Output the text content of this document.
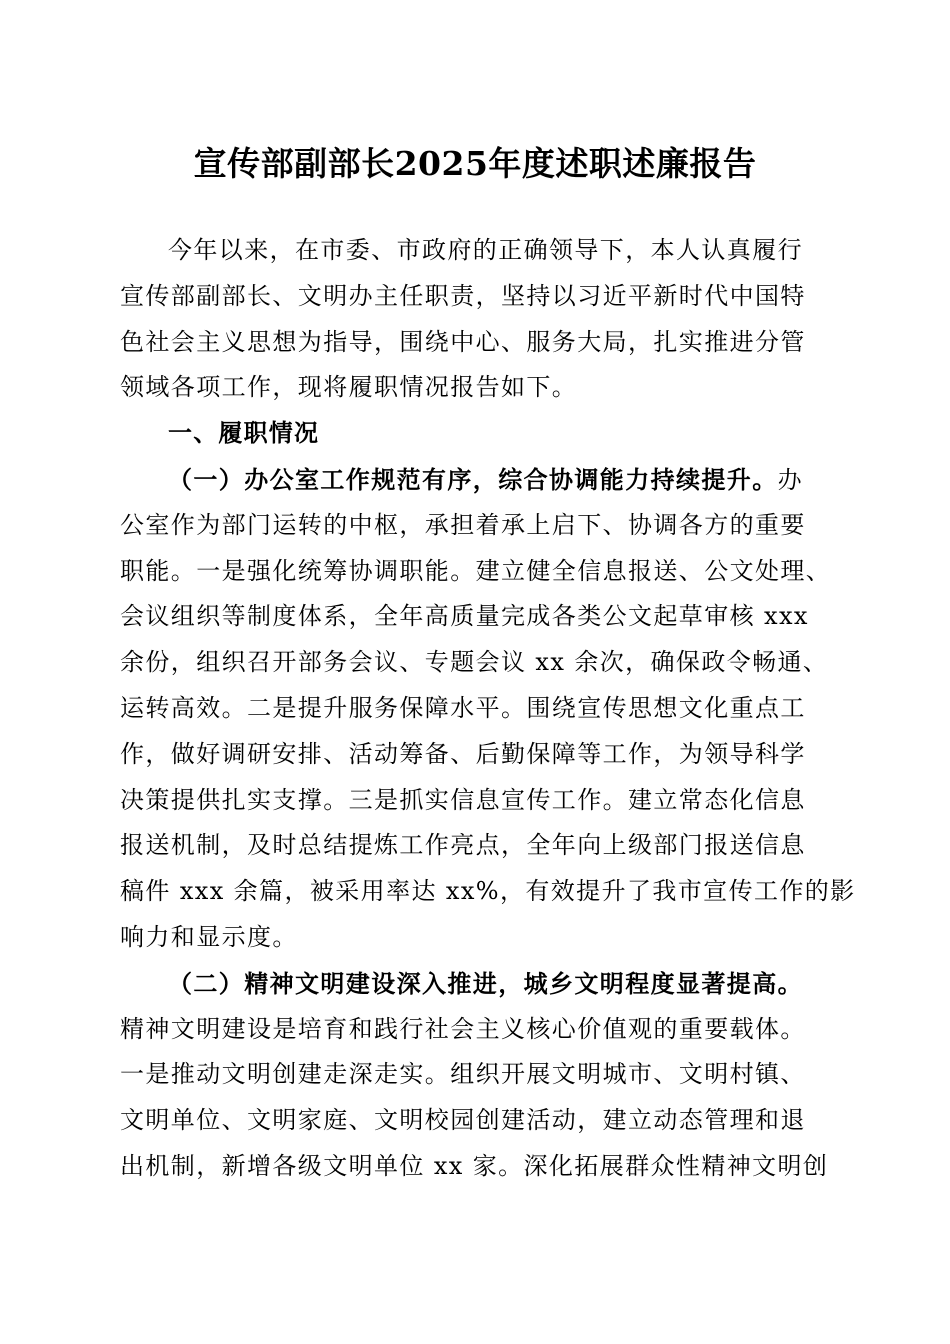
宣传部副部长2025年度述职述廉报告
今年以来，在市委、市政府的正确领导下，本人认真履行
宣传部副部长、文明办主任职责，坚持以习近平新时代中国特
色社会主义思想为指导，围绕中心、服务大局，扎实推进分管
领域各项工作，现将履职情况报告如下。
一、履职情况
（一）办公室工作规范有序，综合协调能力持续提升。办
公室作为部门运转的中枢，承担着承上启下、协调各方的重要
职能。一是强化统筹协调职能。建立健全信息报送、公文处理、
会议组织等制度体系，全年高质量完成各类公文起草审核 xxx
余份，组织召开部务会议、专题会议 xx 余次，确保政令畅通、
运转高效。二是提升服务保障水平。围绕宣传思想文化重点工
作，做好调研安排、活动筹备、后勤保障等工作，为领导科学
决策提供扎实支撑。三是抓实信息宣传工作。建立常态化信息
报送机制，及时总结提炼工作亮点，全年向上级部门报送信息
稿件 xxx 余篇，被采用率达 xx%，有效提升了我市宣传工作的影
响力和显示度。
（二）精神文明建设深入推进，城乡文明程度显著提高。
精神文明建设是培育和践行社会主义核心价值观的重要载体。
一是推动文明创建走深走实。组织开展文明城市、文明村镇、
文明单位、文明家庭、文明校园创建活动，建立动态管理和退
出机制，新增各级文明单位 xx 家。深化拓展群众性精神文明创
